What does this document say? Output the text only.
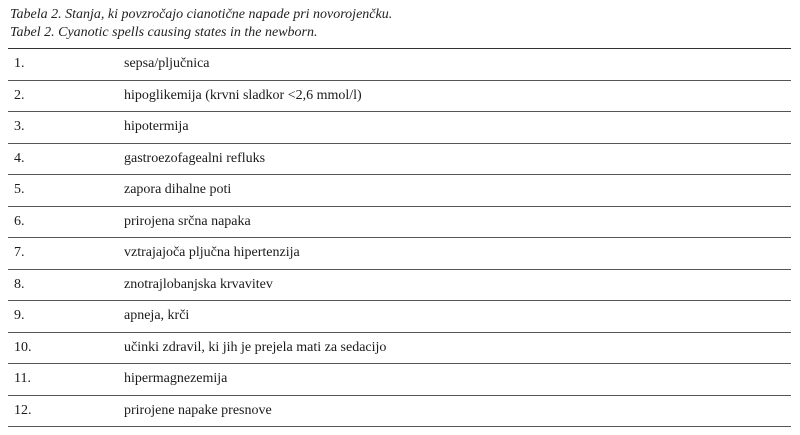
Tabela 2. Stanja, ki povzročajo cianotične napade pri novorojenčku.
Tabel 2. Cyanotic spells causing states in the newborn.
1.	sepsa/pljučnica
2.	hipoglikemija (krvni sladkor <2,6 mmol/l)
3.	hipotermija
4.	gastroezofagealni refluks
5.	zapora dihalne poti
6.	prirojena srčna napaka
7.	vztrajajoča pljučna hipertenzija
8.	znotrajlobanjska krvavitev
9.	apneja, krči
10.	učinki zdravil, ki jih je prejela mati za sedacijo
11.	hipermagnezemija
12.	prirojene napake presnove
